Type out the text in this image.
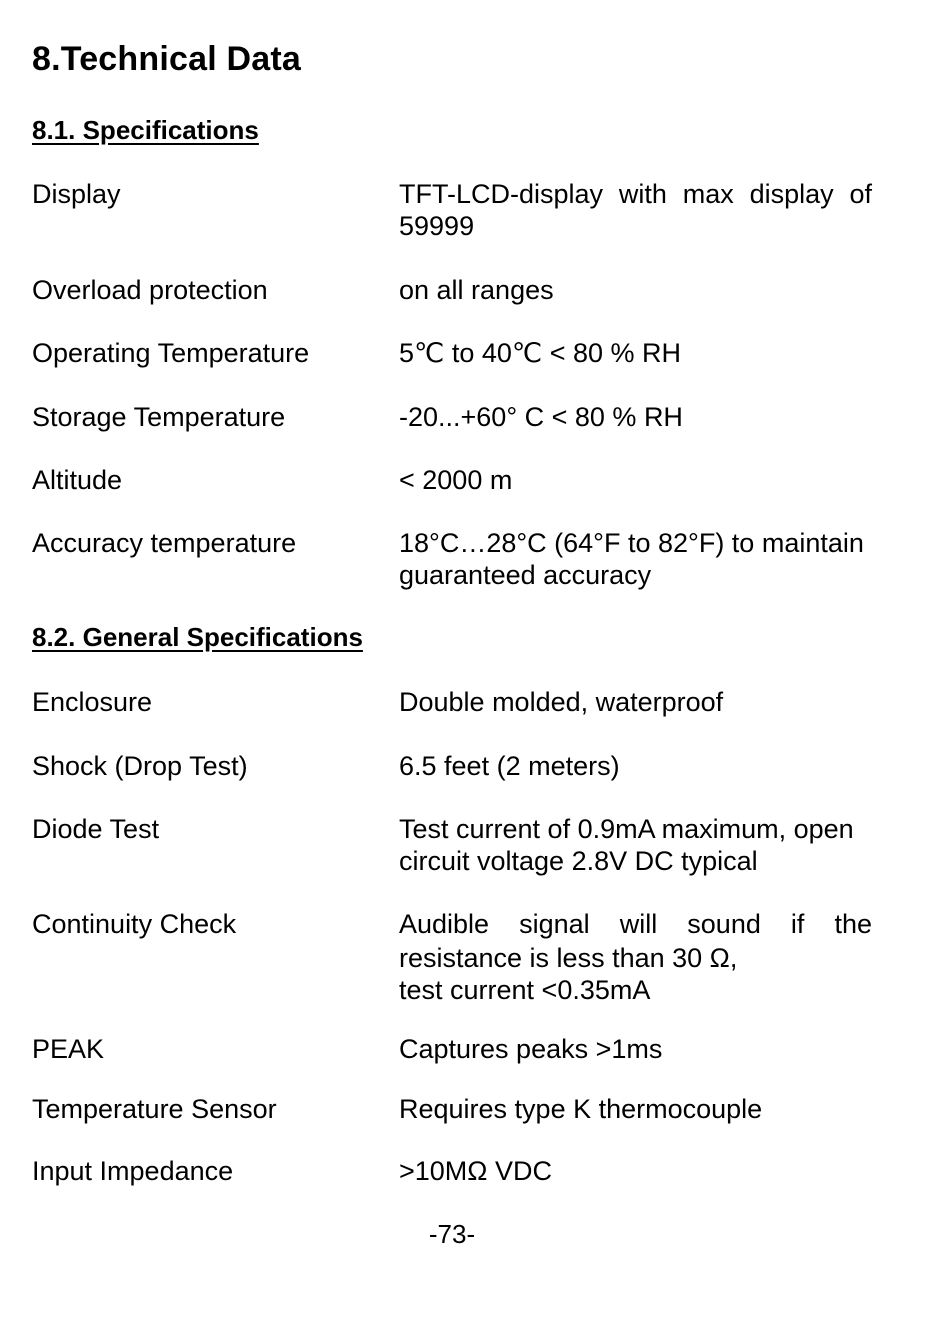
8.Technical Data
8.1. Specifications
Display	TFT-LCD-display with max display of
59999
Overload protection	on all ranges
Operating Temperature	5℃ to 40℃ < 80 % RH
Storage Temperature	-20...+60° C < 80 % RH
Altitude	< 2000 m
Accuracy temperature	18°C…28°C (64°F to 82°F) to maintain
guaranteed accuracy
8.2. General Specifications
Enclosure	Double molded, waterproof
Shock (Drop Test)	6.5 feet (2 meters)
Diode Test	Test current of 0.9mA maximum, open
circuit voltage 2.8V DC typical
Continuity Check	Audible signal will sound if the
resistance is less than 30 Ω,
test current <0.35mA
PEAK	Captures peaks >1ms
Temperature Sensor	Requires type K thermocouple
Input Impedance	>10MΩ VDC
-73-
